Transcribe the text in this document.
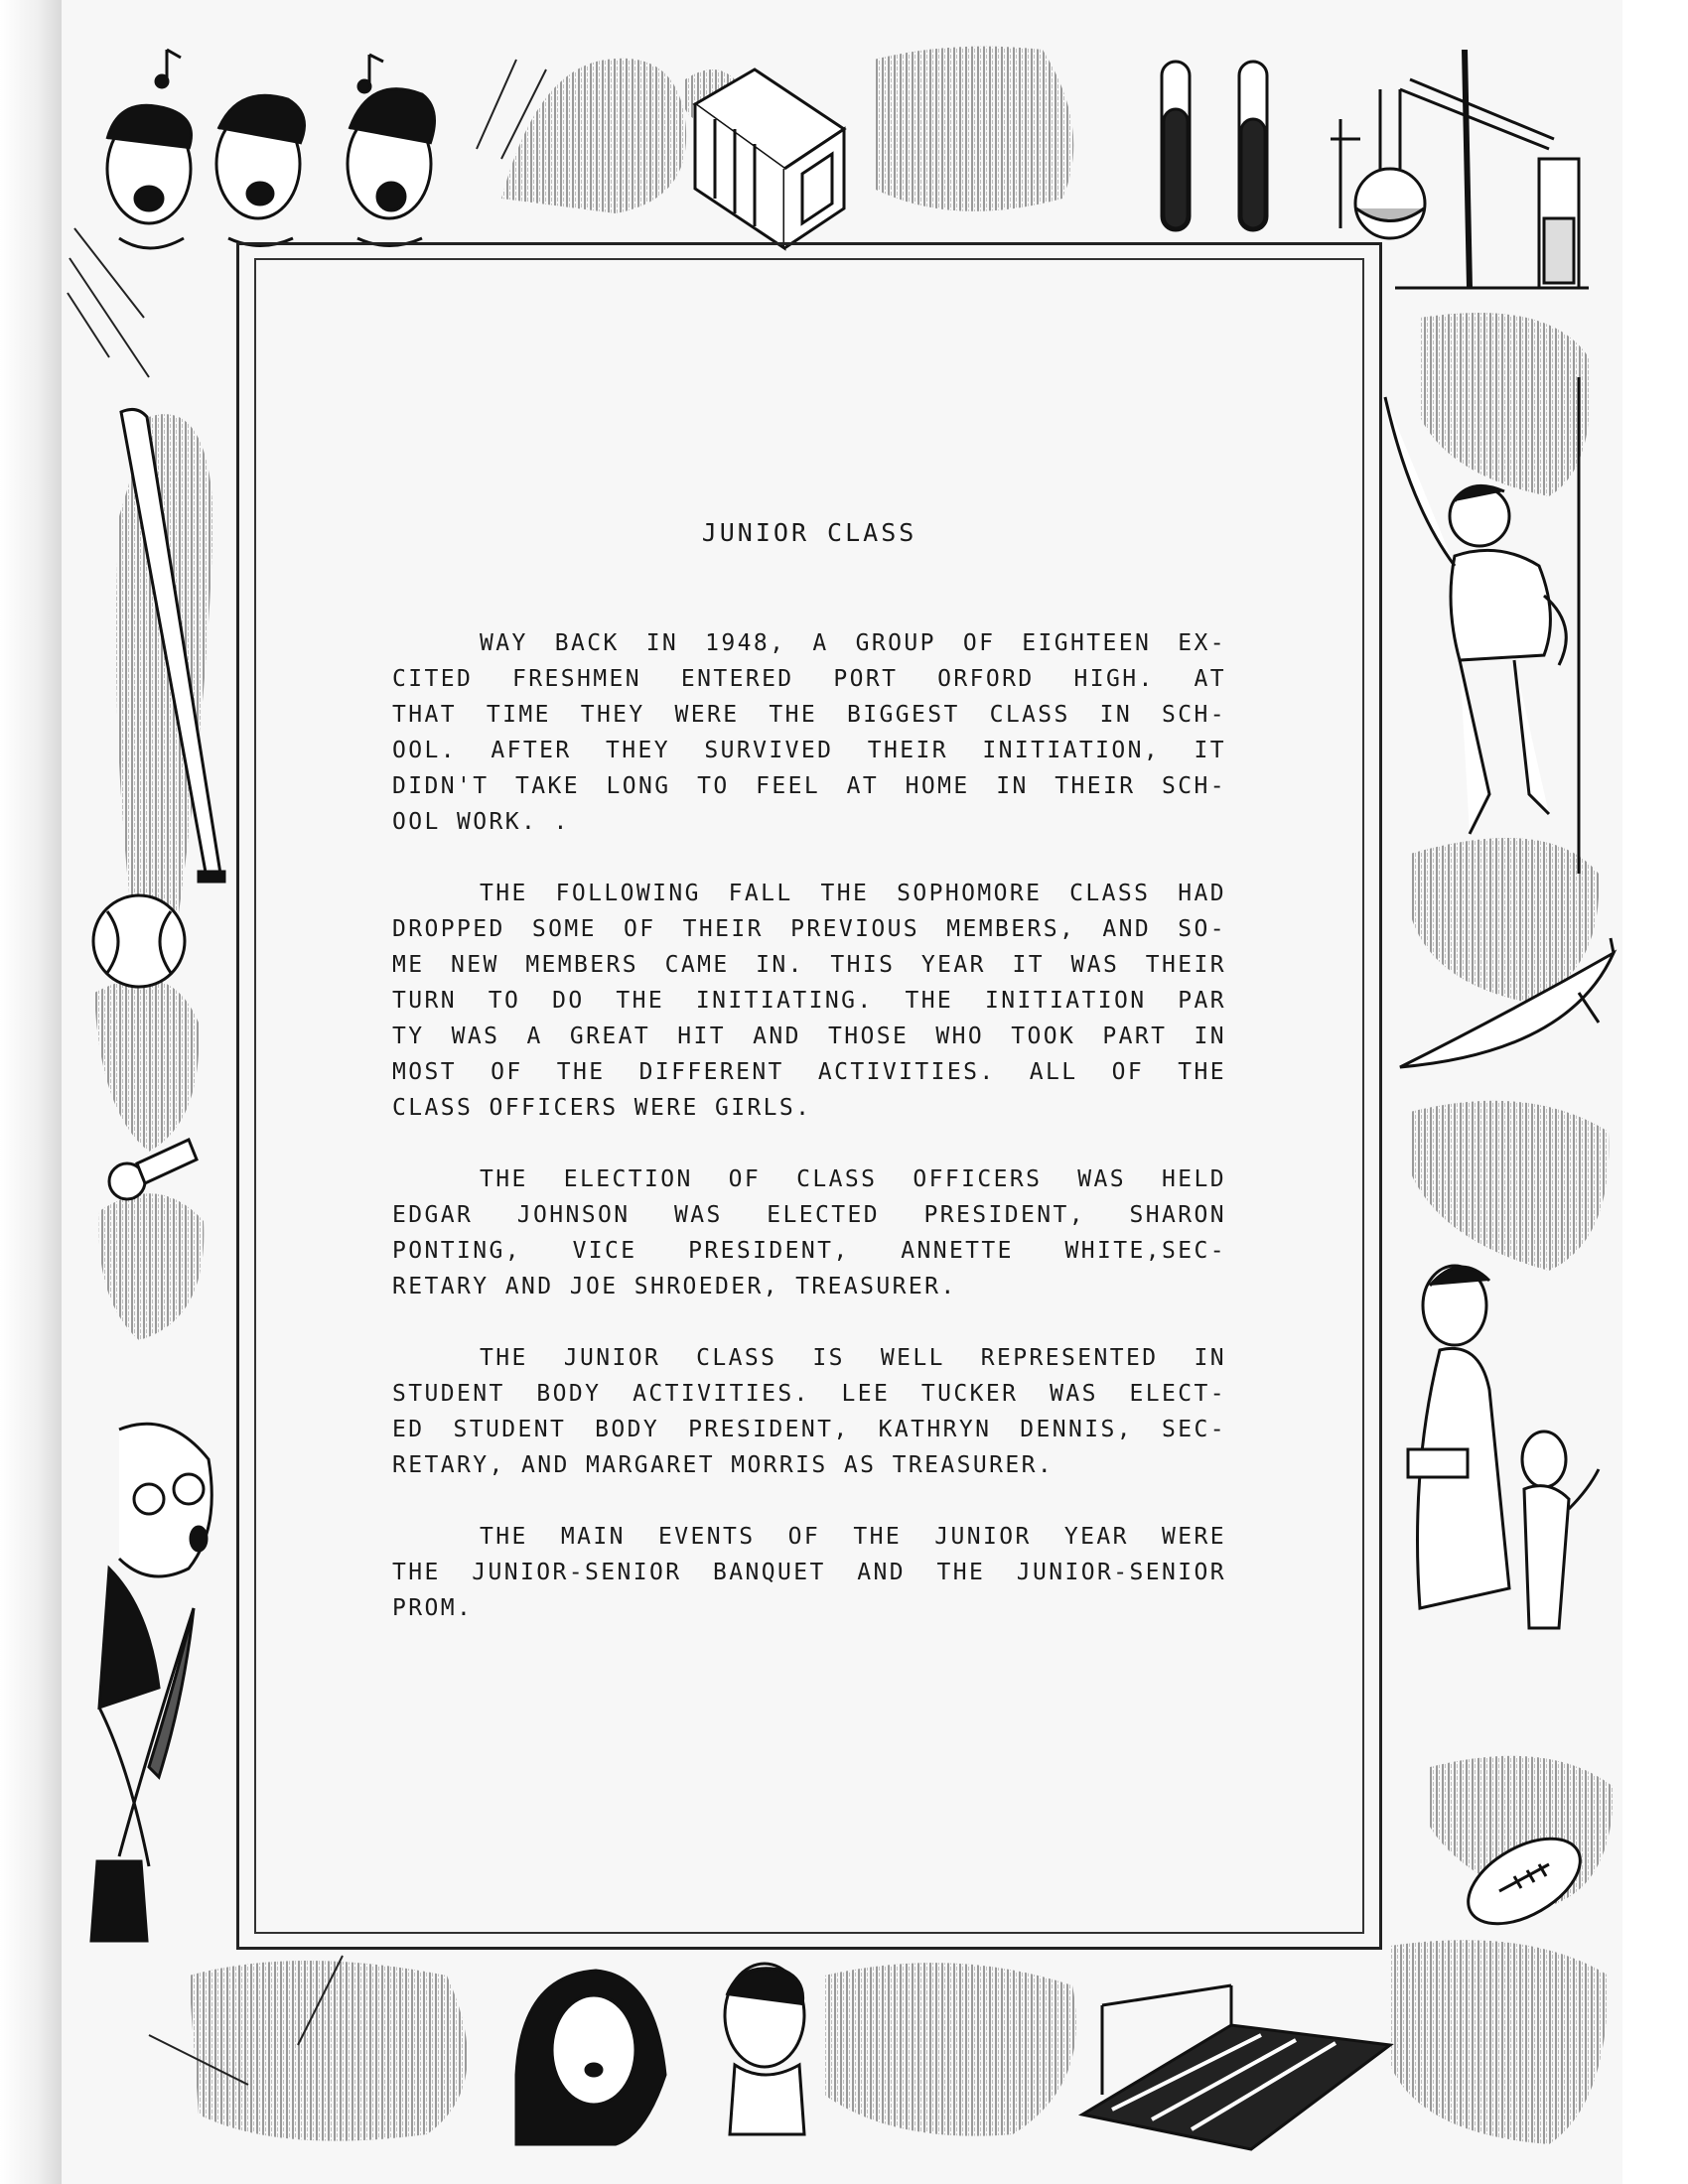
JUNIOR CLASS
WAY BACK IN 1948, A GROUP OF EIGHTEEN EX-
CITED FRESHMEN ENTERED PORT ORFORD HIGH. AT
THAT TIME THEY WERE THE BIGGEST CLASS IN SCH-
OOL. AFTER THEY SURVIVED THEIR INITIATION, IT
DIDN'T TAKE LONG TO FEEL AT HOME IN THEIR SCH-
OOL WORK. .
THE FOLLOWING FALL THE SOPHOMORE CLASS HAD
DROPPED SOME OF THEIR PREVIOUS MEMBERS, AND SO-
ME NEW MEMBERS CAME IN. THIS YEAR IT WAS THEIR
TURN TO DO THE INITIATING. THE INITIATION PAR
TY WAS A GREAT HIT AND THOSE WHO TOOK PART IN
MOST OF THE DIFFERENT ACTIVITIES. ALL OF THE
CLASS OFFICERS WERE GIRLS.
THE ELECTION OF CLASS OFFICERS WAS HELD
EDGAR JOHNSON WAS ELECTED PRESIDENT, SHARON
PONTING, VICE PRESIDENT, ANNETTE WHITE,SEC-
RETARY AND JOE SHROEDER, TREASURER.
THE JUNIOR CLASS IS WELL REPRESENTED IN
STUDENT BODY ACTIVITIES. LEE TUCKER WAS ELECT-
ED STUDENT BODY PRESIDENT, KATHRYN DENNIS, SEC-
RETARY, AND MARGARET MORRIS AS TREASURER.
THE MAIN EVENTS OF THE JUNIOR YEAR WERE
THE JUNIOR-SENIOR BANQUET AND THE JUNIOR-SENIOR
PROM.
